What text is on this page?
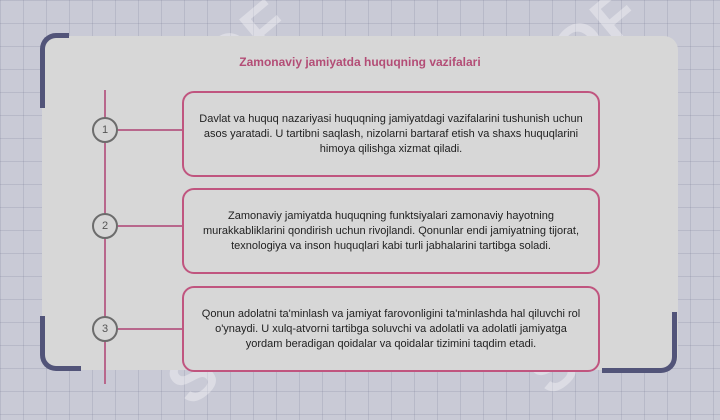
Zamonaviy jamiyatda huquqning vazifalari
1
Davlat va huquq nazariyasi huquqning jamiyatdagi vazifalarini tushunish uchun asos yaratadi. U tartibni saqlash, nizolarni bartaraf etish va shaxs huquqlarini himoya qilishga xizmat qiladi.
2
Zamonaviy jamiyatda huquqning funktsiyalari zamonaviy hayotning murakkabliklarini qondirish uchun rivojlandi. Qonunlar endi jamiyatning tijorat, texnologiya va inson huquqlari kabi turli jabhalarini tartibga soladi.
3
Qonun adolatni ta'minlash va jamiyat farovonligini ta'minlashda hal qiluvchi rol o'ynaydi. U xulq-atvorni tartibga soluvchi va adolatli va adolatli jamiyatga yordam beradigan qoidalar va qoidalar tizimini taqdim etadi.
